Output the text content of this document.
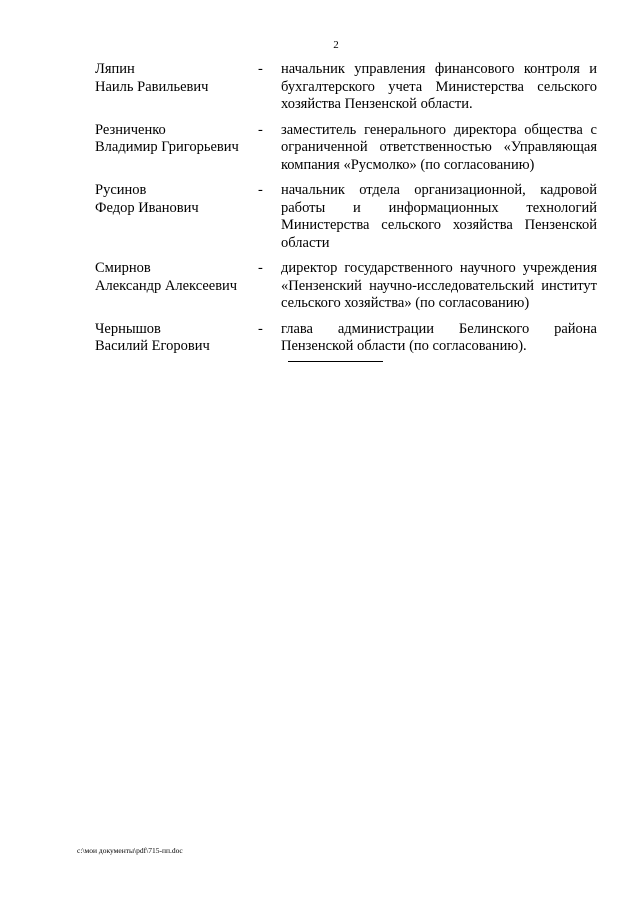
2
Ляпин
Наиль Равильевич
-	начальник управления финансового контроля и бухгалтерского учета Министерства сельского хозяйства Пензенской области.
Резниченко
Владимир Григорьевич
-	заместитель генерального директора общества с ограниченной ответственностью «Управляющая компания «Русмолко» (по согласованию)
Русинов
Федор Иванович
-	начальник отдела организационной, кадровой работы и информационных технологий Министерства сельского хозяйства Пензенской области
Смирнов
Александр Алексеевич
-	директор государственного научного учреждения «Пензенский научно-исследовательский институт сельского хозяйства» (по согласованию)
Чернышов
Василий Егорович
-	глава администрации Белинского района Пензенской области (по согласованию).
c:\мои документы\pdf\715-пп.doc
